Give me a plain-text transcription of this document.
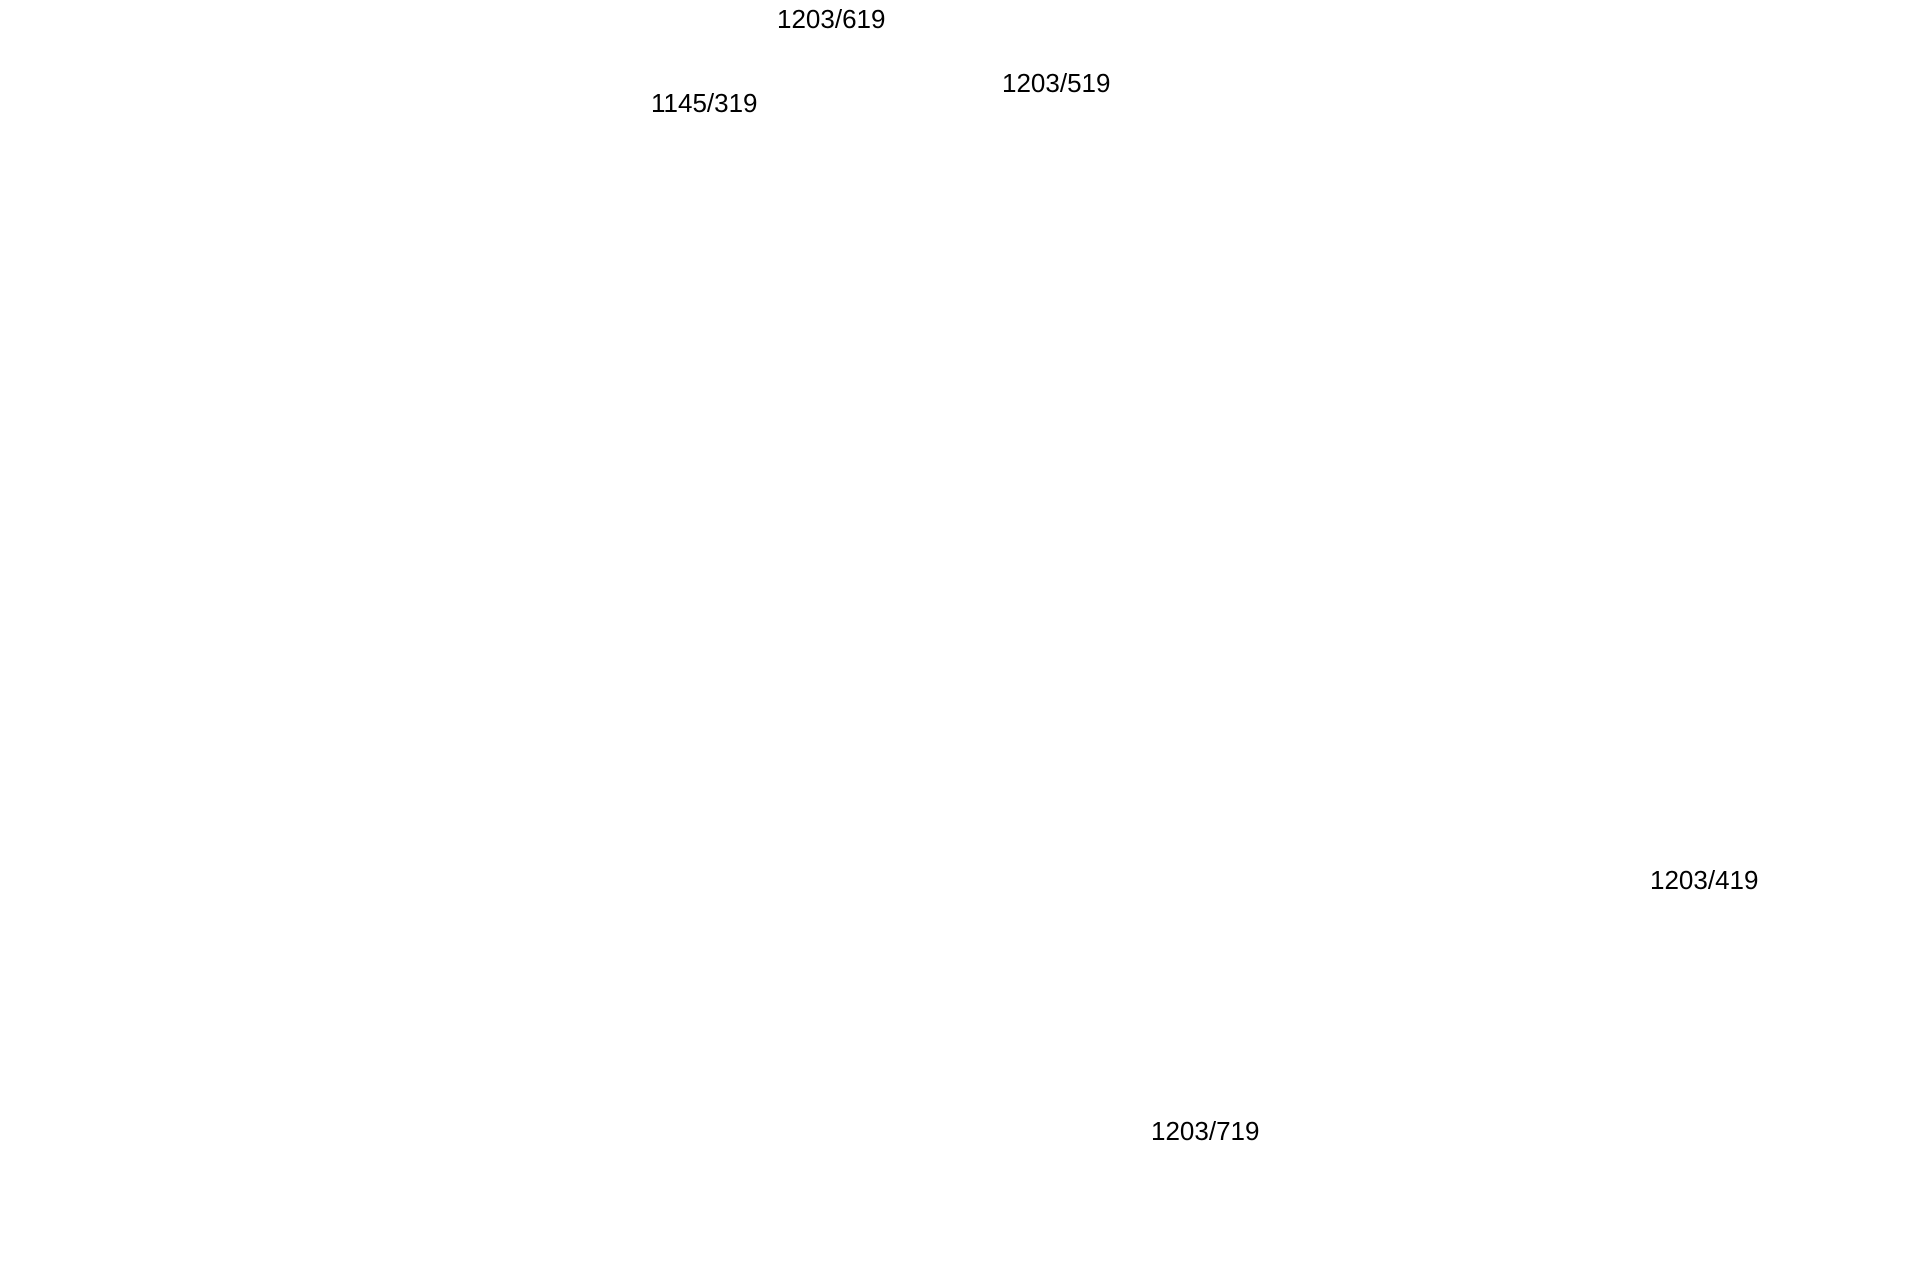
1203/619
1203/519
1145/319
1203/419
1203/719
